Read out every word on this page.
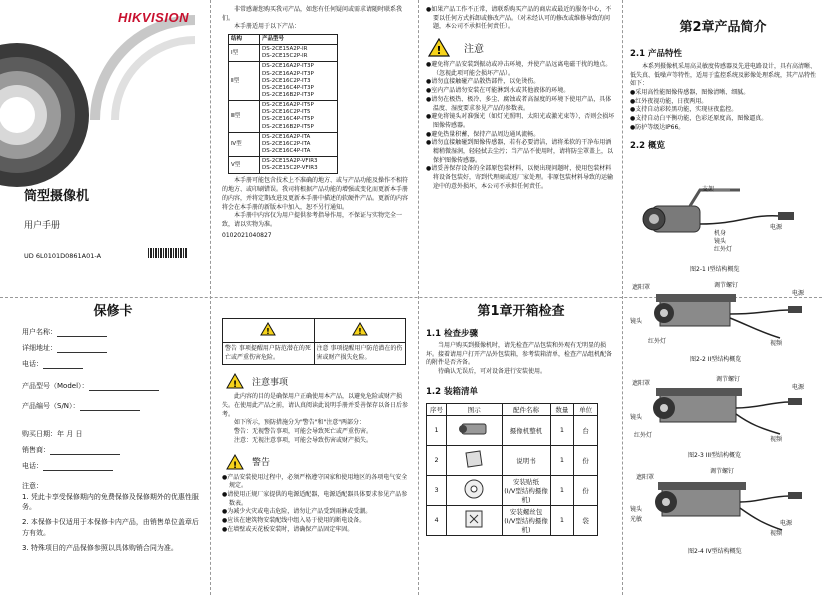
HIKVISION
筒型摄像机
用户手册
UD 6L0101D0861A01-A
非常感谢您购买我司产品，如您有任何疑问或需求请随时联系我们。
本手册适用于以下产品：
结构	产品型号
Ⅰ型	DS-2CE15A2P-IR
DS-2CE15C2P-IR
Ⅱ型	DS-2CE16A2P-IT3P
DS-2CE16A2P-IT3P
DS-2CE16C2P-IT3
DS-2CE16C4P-IT3P
DS-2CE16B2P-IT3P
Ⅲ型	DS-2CE16A2P-IT5P
DS-2CE16C2P-IT5
DS-2CE16C4P-IT5P
DS-2CE16B2P-IT5P
Ⅳ型	DS-2CE16A2P-ITA
DS-2CE16C2P-ITA
DS-2CE16C4P-ITA
Ⅴ型	DS-2CE15A2P-VFIR3
DS-2CE15C2P-VFIR3
本手册可能包含技术上不准确的地方、或与产品功能及操作不相符的地方、或印刷错误。我司将根据产品功能的增强或变化而更新本手册的内容，并将定期改进及更新本手册中描述的软硬件产品。更新的内容将会在本手册的新版本中加入，恕不另行通知。
本手册中内容仅为用户提供参考指导作用，不保证与实物完全一致，请以实物为准。
0102021040827
●如果产品工作不正常，请联系购买产品的商店或最近的服务中心，不要以任何方式拆卸或修改产品。（对未经认可的修改或维修导致的问题，本公司不承担任何责任）。
! 注意
●避免将产品安装到振动或冲击环境，并使产品远离电磁干扰的地点。（忽视此项可能会损坏产品）。
●请勿直接触碰产品散热部件，以免烫伤。
●室内产品请勿安装在可能淋到水或其他液体的环境。
●请勿在极热、极冷、多尘、腐蚀或者高湿度的环境下使用产品，具体温度、湿度要求参见产品的参数表。
●避免将镜头对准强光（如灯光照明、太阳光或激光束等），否则会损坏图像传感器。
●避免热量积蓄，保持产品周边通风流畅。
●请勿直接触碰到图像传感器，若有必要清洁，请将柔软的干净布用酒精稍微湿润，轻轻拭去尘污；当产品不使用时，请将防尘罩盖上，以保护图像传感器。
●请妥善保存设备的全部原包装材料，以便出现问题时，使用包装材料将设备包装好，寄到代理商或返厂家处理。非原包装材料导致的运输途中的意外损坏，本公司不承担任何责任。
第2章产品简介
2.1 产品特性
本系列摄像机采用高灵敏度传感器及先进电路设计，具有高清晰、低失真、低噪声等特性，适用于监控系统及影像处理系统，其产品特性如下：
●采用高性能图像传感器，图像清晰、细腻。
●红外夜视功能，日夜两用。
●支持自动彩转黑功能，实现昼夜监控。
●支持自动白平衡功能，色彩还原度高，图像逼真。
●防护等级达IP66。
2.2 概览
支架
电源
机身
镜头
红外灯
图2-1 I型结构概览
遮阳罩	调节螺钉
电源
镜头
红外灯	视频
图2-2 II型结构概览
遮阳罩
调节螺钉
电源
镜头
红外灯
视频
图2-3 III型结构概览
遮阳罩
调节螺钉
镜头
光敏
电源
视频
图2-4 IV型结构概览
保修卡
用户名称：
详细地址：
电话：
产品型号（Model）：
产品编号（S/N）：
购买日期：年 月 日
销售商：
电话：
注意：
1. 凭此卡享受保修期内的免费保修及保修期外的优惠性服务。
2. 本保修卡仅适用于本保修卡内产品，由销售单位盖章后方有效。
3. 特殊项目的产品保修参照以具体购销合同为准。
!	!

警告 事项提醒用户防范潜在的死亡或严重伤害危险。	注意 事项提醒用户防范潜在的伤害或财产损失危险。
! 注意事项
此内容的目的是确保用户正确使用本产品，以避免危险或财产损失。在使用此产品之前，请认真阅读此说明手册并妥善保存以备日后参考。
如下所示，预防措施分为"警告"和"注意"两部分：
警告：无视警告事项，可能会导致死亡或严重伤害。
注意：无视注意事项，可能会导致伤害或财产损失。
! 警告
●产品安装使用过程中，必须严格遵守国家和使用地区的各项电气安全规定。
●请使用正规厂家提供的电源适配器，电源适配器具体要求参见产品参数表。
●为减少火灾或电击危险，请勿让产品受到雨淋或受潮。
●应该在建筑物安装配线中组入易于使用的断电设备。
●在墙壁或天花板安装时，请确保产品固定牢固。
第1章开箱检查
1.1 检查步骤
当用户购买到摄像机时，请先检查产品包装和外观有无明显的损坏。接着请用户打开产品外包装箱，参考装箱清单，检查产品组机配备的附件是否齐备。
待确认无误后，可对设备进行安装使用。
1.2 装箱清单
序号	图示	配件名称	数量	单位
1		摄像机整机	1	台
2		说明书	1	份
3		安装贴纸
(I/V型结构摄像机)	1	份
4		安装螺丝包
(I/V型结构摄像机)	1	袋
